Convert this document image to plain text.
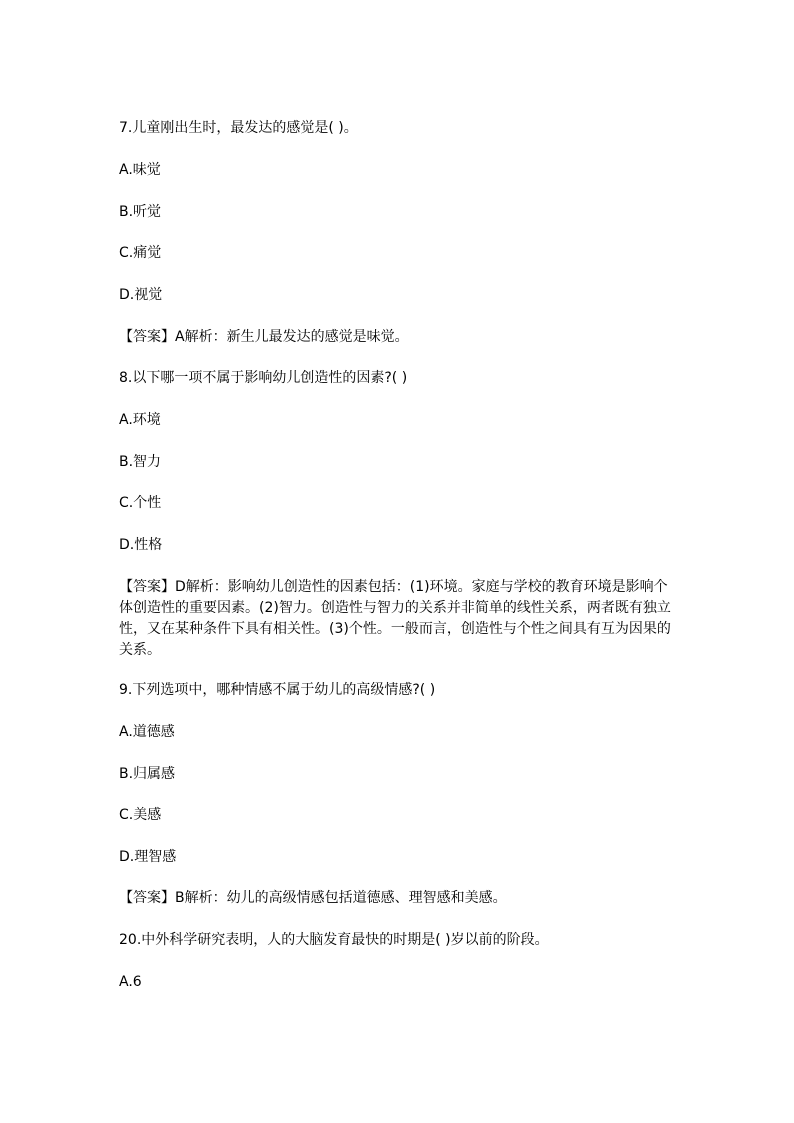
7.儿童刚出生时，最发达的感觉是( )。
A.味觉
B.听觉
C.痛觉
D.视觉
【答案】A解析：新生儿最发达的感觉是味觉。
8.以下哪一项不属于影响幼儿创造性的因素?( )
A.环境
B.智力
C.个性
D.性格
【答案】D解析：影响幼儿创造性的因素包括：(1)环境。家庭与学校的教育环境是影响个体创造性的重要因素。(2)智力。创造性与智力的关系并非简单的线性关系，两者既有独立性，又在某种条件下具有相关性。(3)个性。一般而言，创造性与个性之间具有互为因果的关系。
9.下列选项中，哪种情感不属于幼儿的高级情感?( )
A.道德感
B.归属感
C.美感
D.理智感
【答案】B解析：幼儿的高级情感包括道德感、理智感和美感。
20.中外科学研究表明，人的大脑发育最快的时期是( )岁以前的阶段。
A.6
